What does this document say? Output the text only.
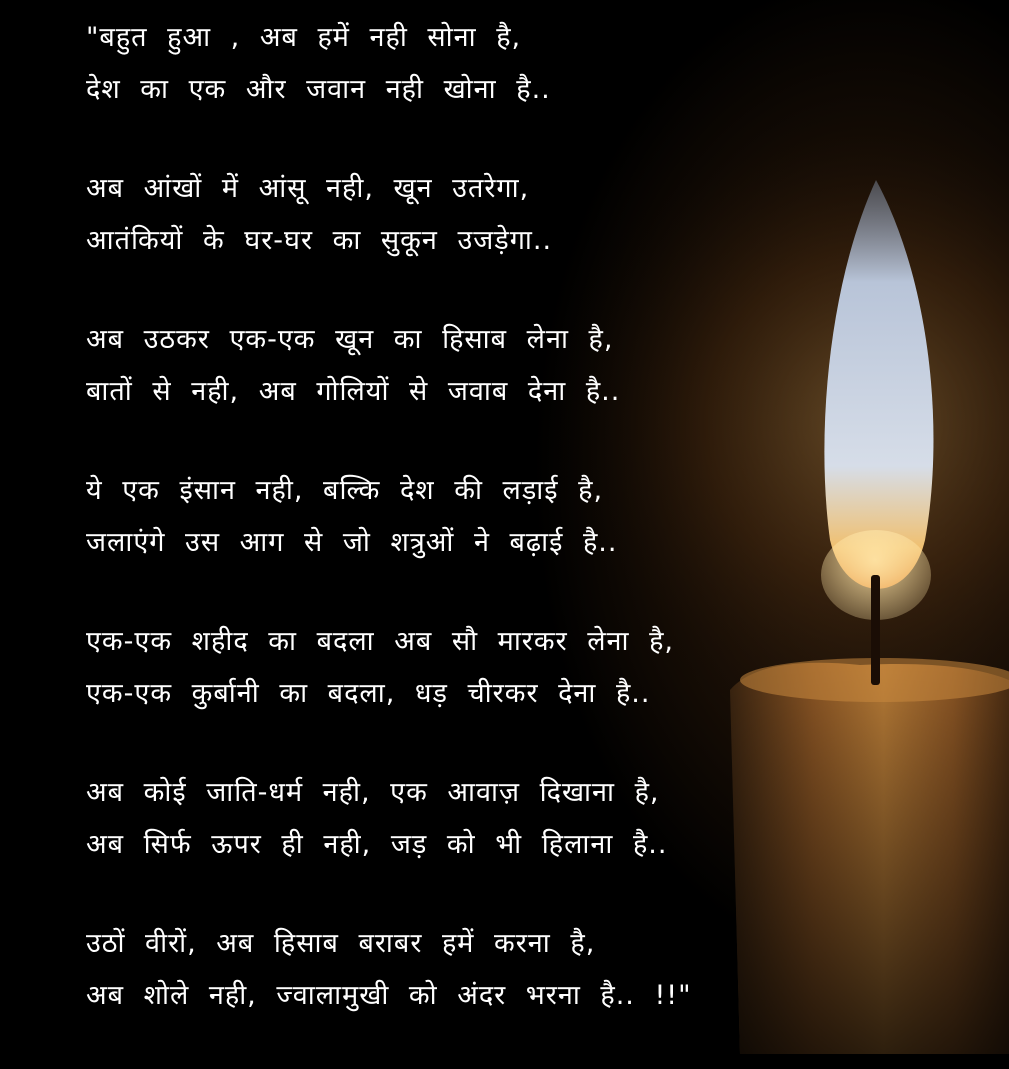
"बहुत हुआ , अब हमें नही सोना है,
देश का एक और जवान नही खोना है..
अब आंखों में आंसू नही, खून उतरेगा,
आतंकियों के घर-घर का सुकून उजड़ेगा..
अब उठकर एक-एक खून का हिसाब लेना है,
बातों से नही, अब गोलियों से जवाब देना है..
ये एक इंसान नही, बल्कि देश की लड़ाई है,
जलाएंगे उस आग से जो शत्रुओं ने बढ़ाई है..
एक-एक शहीद का बदला अब सौ मारकर लेना है,
एक-एक कुर्बानी का बदला, धड़ चीरकर देना है..
अब कोई जाति-धर्म नही, एक आवाज़ दिखाना है,
अब सिर्फ ऊपर ही नही, जड़ को भी हिलाना है..
उठों वीरों, अब हिसाब बराबर हमें करना है,
अब शोले नही, ज्वालामुखी को अंदर भरना है.. !!"
